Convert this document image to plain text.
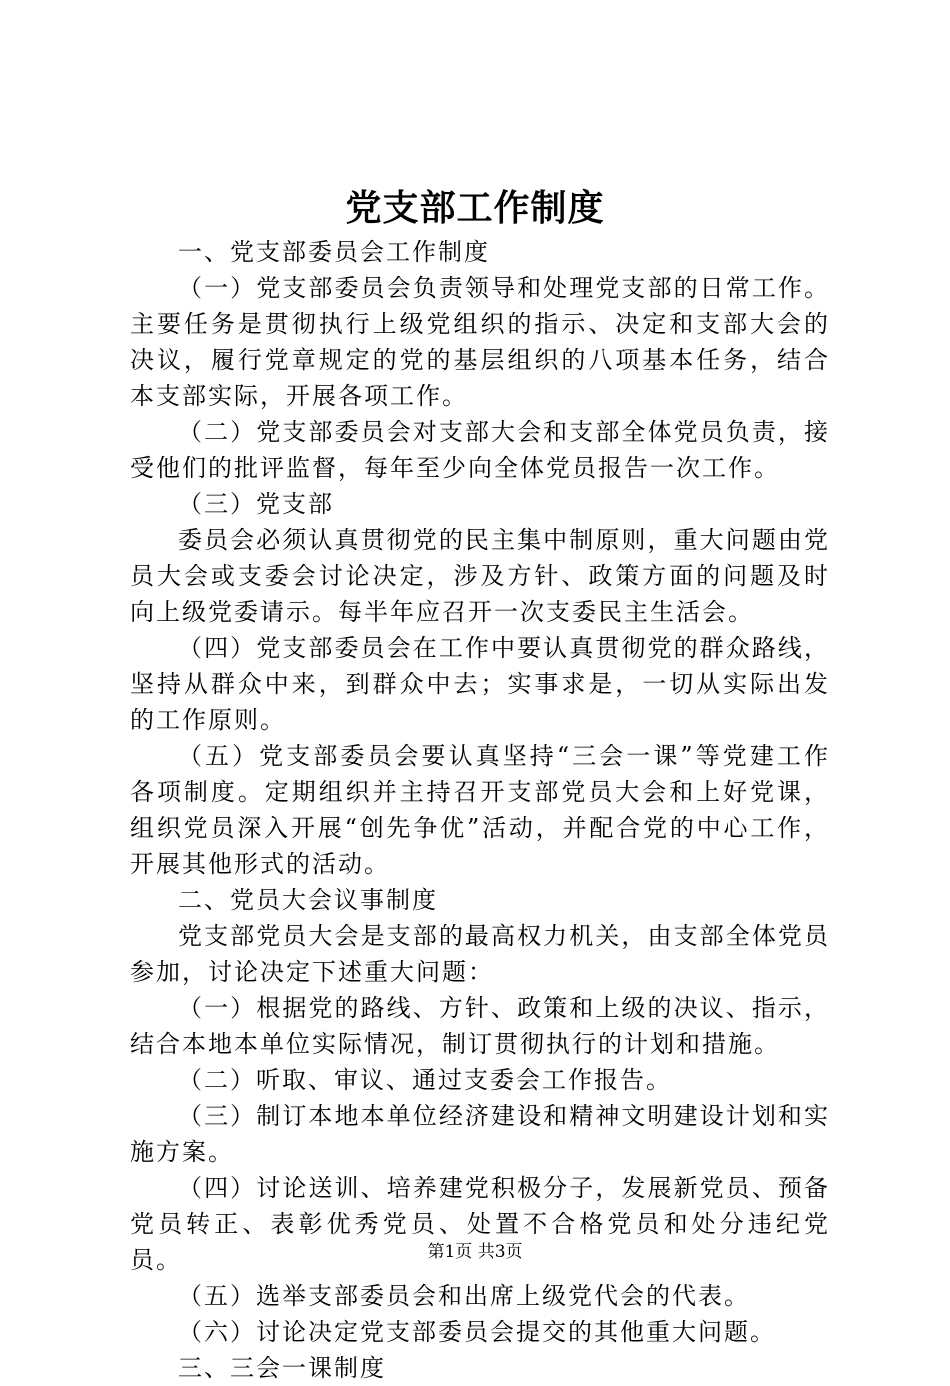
党支部工作制度

一、党支部委员会工作制度

（一）党支部委员会负责领导和处理党支部的日常工作。主要任务是贯彻执行上级党组织的指示、决定和支部大会的决议，履行党章规定的党的基层组织的八项基本任务，结合本支部实际，开展各项工作。

（二）党支部委员会对支部大会和支部全体党员负责，接受他们的批评监督，每年至少向全体党员报告一次工作。

（三）党支部

委员会必须认真贯彻党的民主集中制原则，重大问题由党员大会或支委会讨论决定，涉及方针、政策方面的问题及时向上级党委请示。每半年应召开一次支委民主生活会。

（四）党支部委员会在工作中要认真贯彻党的群众路线，坚持从群众中来，到群众中去；实事求是，一切从实际出发的工作原则。

（五）党支部委员会要认真坚持“三会一课”等党建工作各项制度。定期组织并主持召开支部党员大会和上好党课，组织党员深入开展“创先争优”活动，并配合党的中心工作，开展其他形式的活动。

二、党员大会议事制度

党支部党员大会是支部的最高权力机关，由支部全体党员参加，讨论决定下述重大问题：

（一）根据党的路线、方针、政策和上级的决议、指示，结合本地本单位实际情况，制订贯彻执行的计划和措施。

（二）听取、审议、通过支委会工作报告。

（三）制订本地本单位经济建设和精神文明建设计划和实施方案。

（四）讨论送训、培养建党积极分子，发展新党员、预备党员转正、表彰优秀党员、处置不合格党员和处分违纪党员。

（五）选举支部委员会和出席上级党代会的代表。

（六）讨论决定党支部委员会提交的其他重大问题。

三、三会一课制度

第1页 共3页
